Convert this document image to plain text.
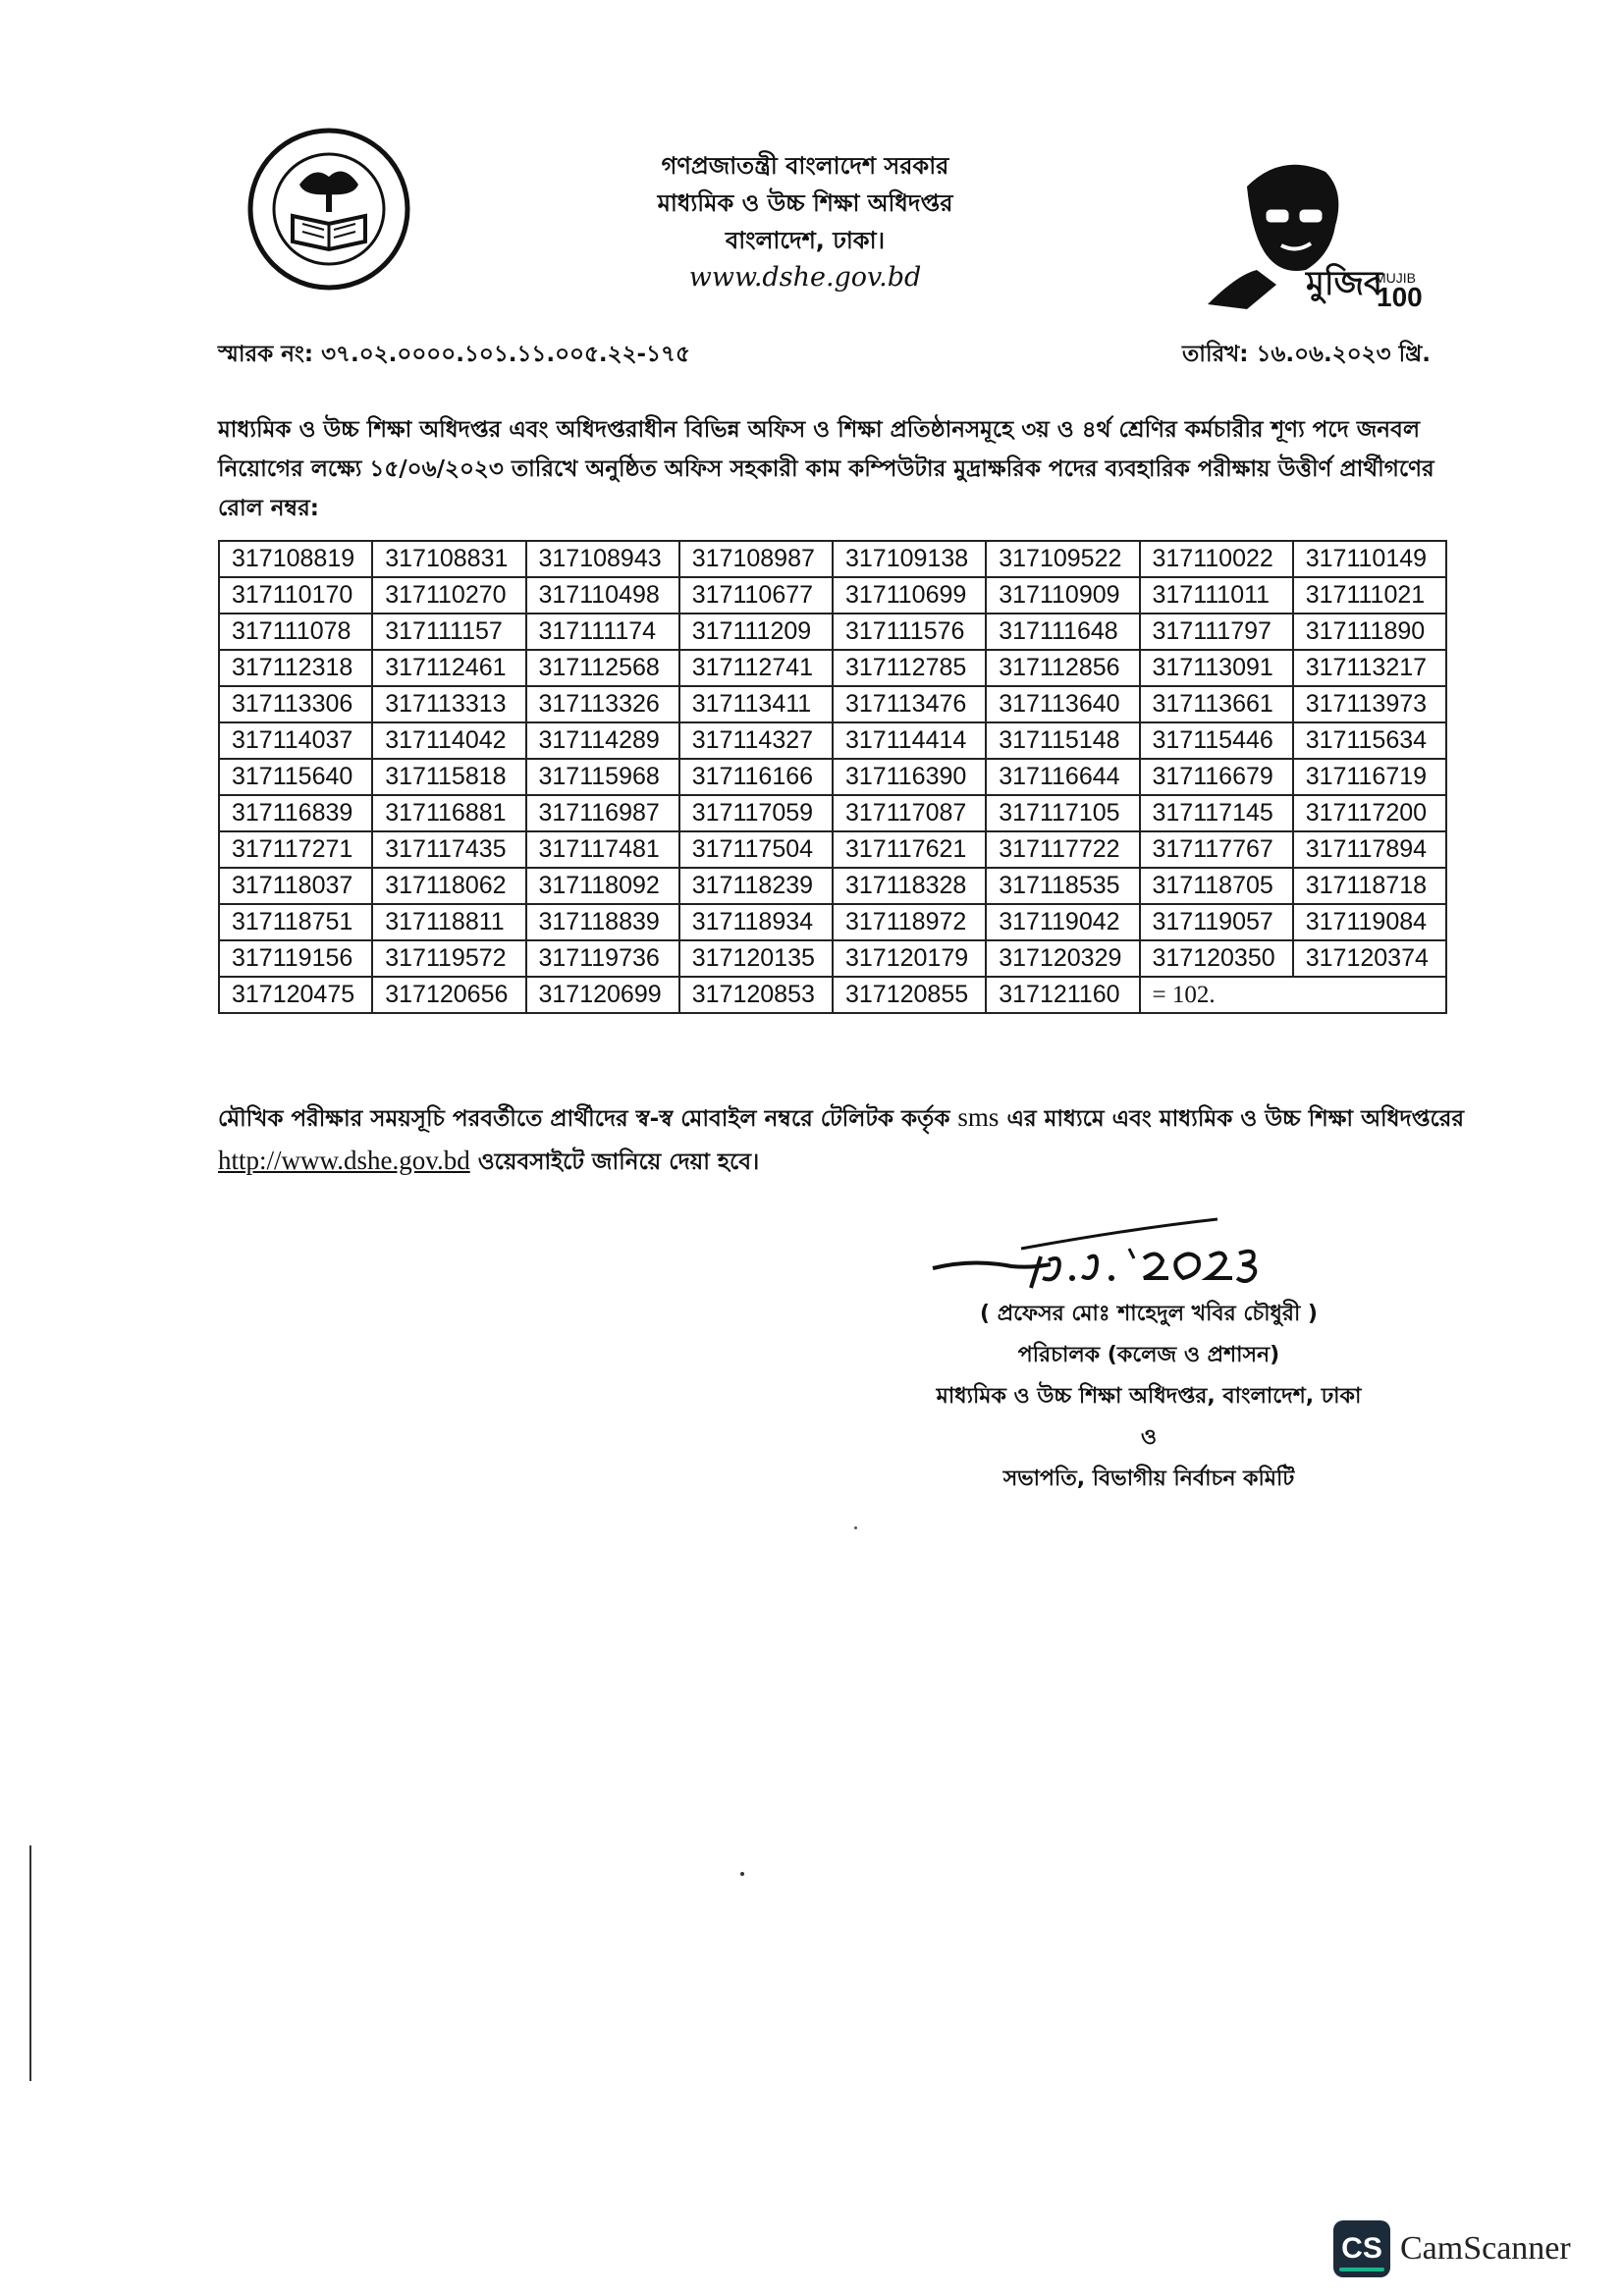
গণপ্রজাতন্ত্রী বাংলাদেশ সরকার
মাধ্যমিক ও উচ্চ শিক্ষা অধিদপ্তর
বাংলাদেশ, ঢাকা।
www.dshe.gov.bd	মুজিব
MUJIB
100
স্মারক নং: ৩৭.০২.০০০০.১০১.১১.০০৫.২২-১৭৫	তারিখ: ১৬.০৬.২০২৩ খ্রি.
মাধ্যমিক ও উচ্চ শিক্ষা অধিদপ্তর এবং অধিদপ্তরাধীন বিভিন্ন অফিস ও শিক্ষা প্রতিষ্ঠানসমূহে ৩য় ও ৪র্থ শ্রেণির কর্মচারীর শূণ্য পদে জনবল নিয়োগের লক্ষ্যে ১৫/০৬/২০২৩ তারিখে অনুষ্ঠিত অফিস সহকারী কাম কম্পিউটার মুদ্রাক্ষরিক পদের ব্যবহারিক পরীক্ষায় উত্তীর্ণ প্রার্থীগণের রোল নম্বর:
317108819	317108831	317108943	317108987	317109138	317109522	317110022	317110149
317110170	317110270	317110498	317110677	317110699	317110909	317111011	317111021
317111078	317111157	317111174	317111209	317111576	317111648	317111797	317111890
317112318	317112461	317112568	317112741	317112785	317112856	317113091	317113217
317113306	317113313	317113326	317113411	317113476	317113640	317113661	317113973
317114037	317114042	317114289	317114327	317114414	317115148	317115446	317115634
317115640	317115818	317115968	317116166	317116390	317116644	317116679	317116719
317116839	317116881	317116987	317117059	317117087	317117105	317117145	317117200
317117271	317117435	317117481	317117504	317117621	317117722	317117767	317117894
317118037	317118062	317118092	317118239	317118328	317118535	317118705	317118718
317118751	317118811	317118839	317118934	317118972	317119042	317119057	317119084
317119156	317119572	317119736	317120135	317120179	317120329	317120350	317120374
317120475	317120656	317120699	317120853	317120855	317121160	= 102.	
মৌখিক পরীক্ষার সময়সূচি পরবর্তীতে প্রার্থীদের স্ব-স্ব মোবাইল নম্বরে টেলিটক কর্তৃক sms এর মাধ্যমে এবং মাধ্যমিক ও উচ্চ শিক্ষা অধিদপ্তরের http://www.dshe.gov.bd ওয়েবসাইটে জানিয়ে দেয়া হবে।
( প্রফেসর মোঃ শাহেদুল খবির চৌধুরী )
পরিচালক (কলেজ ও প্রশাসন)
মাধ্যমিক ও উচ্চ শিক্ষা অধিদপ্তর, বাংলাদেশ, ঢাকা
ও
সভাপতি, বিভাগীয় নির্বাচন কমিটি
CS CamScanner
